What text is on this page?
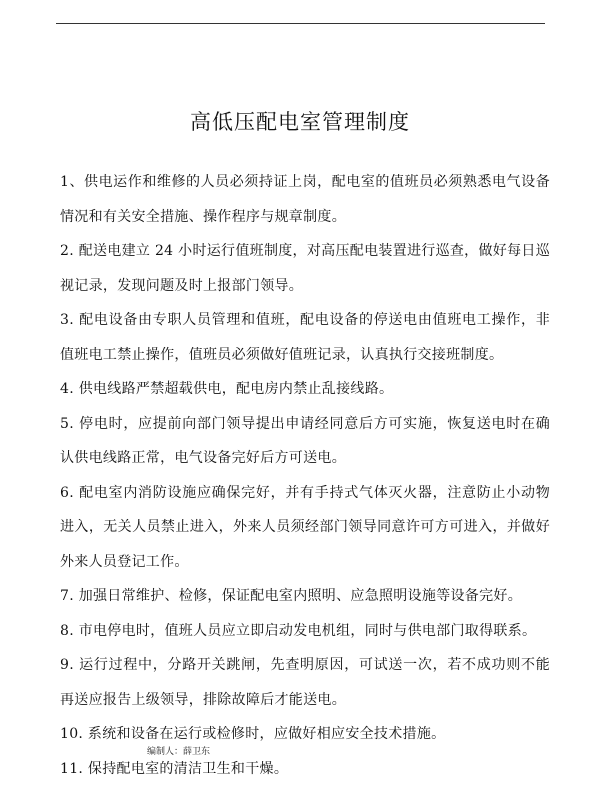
高低压配电室管理制度

1、供电运作和维修的人员必须持证上岗，配电室的值班员必须熟悉电气设备情况和有关安全措施、操作程序与规章制度。

2. 配送电建立 24 小时运行值班制度，对高压配电装置进行巡查，做好每日巡视记录，发现问题及时上报部门领导。

3. 配电设备由专职人员管理和值班，配电设备的停送电由值班电工操作，非值班电工禁止操作，值班员必须做好值班记录，认真执行交接班制度。

4. 供电线路严禁超载供电，配电房内禁止乱接线路。

5. 停电时，应提前向部门领导提出申请经同意后方可实施，恢复送电时在确认供电线路正常，电气设备完好后方可送电。

6. 配电室内消防设施应确保完好，并有手持式气体灭火器，注意防止小动物进入，无关人员禁止进入，外来人员须经部门领导同意许可方可进入，并做好外来人员登记工作。

7. 加强日常维护、检修，保证配电室内照明、应急照明设施等设备完好。

8. 市电停电时，值班人员应立即启动发电机组，同时与供电部门取得联系。

9. 运行过程中，分路开关跳闸，先查明原因，可试送一次，若不成功则不能再送应报告上级领导，排除故障后才能送电。

10. 系统和设备在运行或检修时，应做好相应安全技术措施。

11. 保持配电室的清洁卫生和干燥。

编制人：薛卫东
